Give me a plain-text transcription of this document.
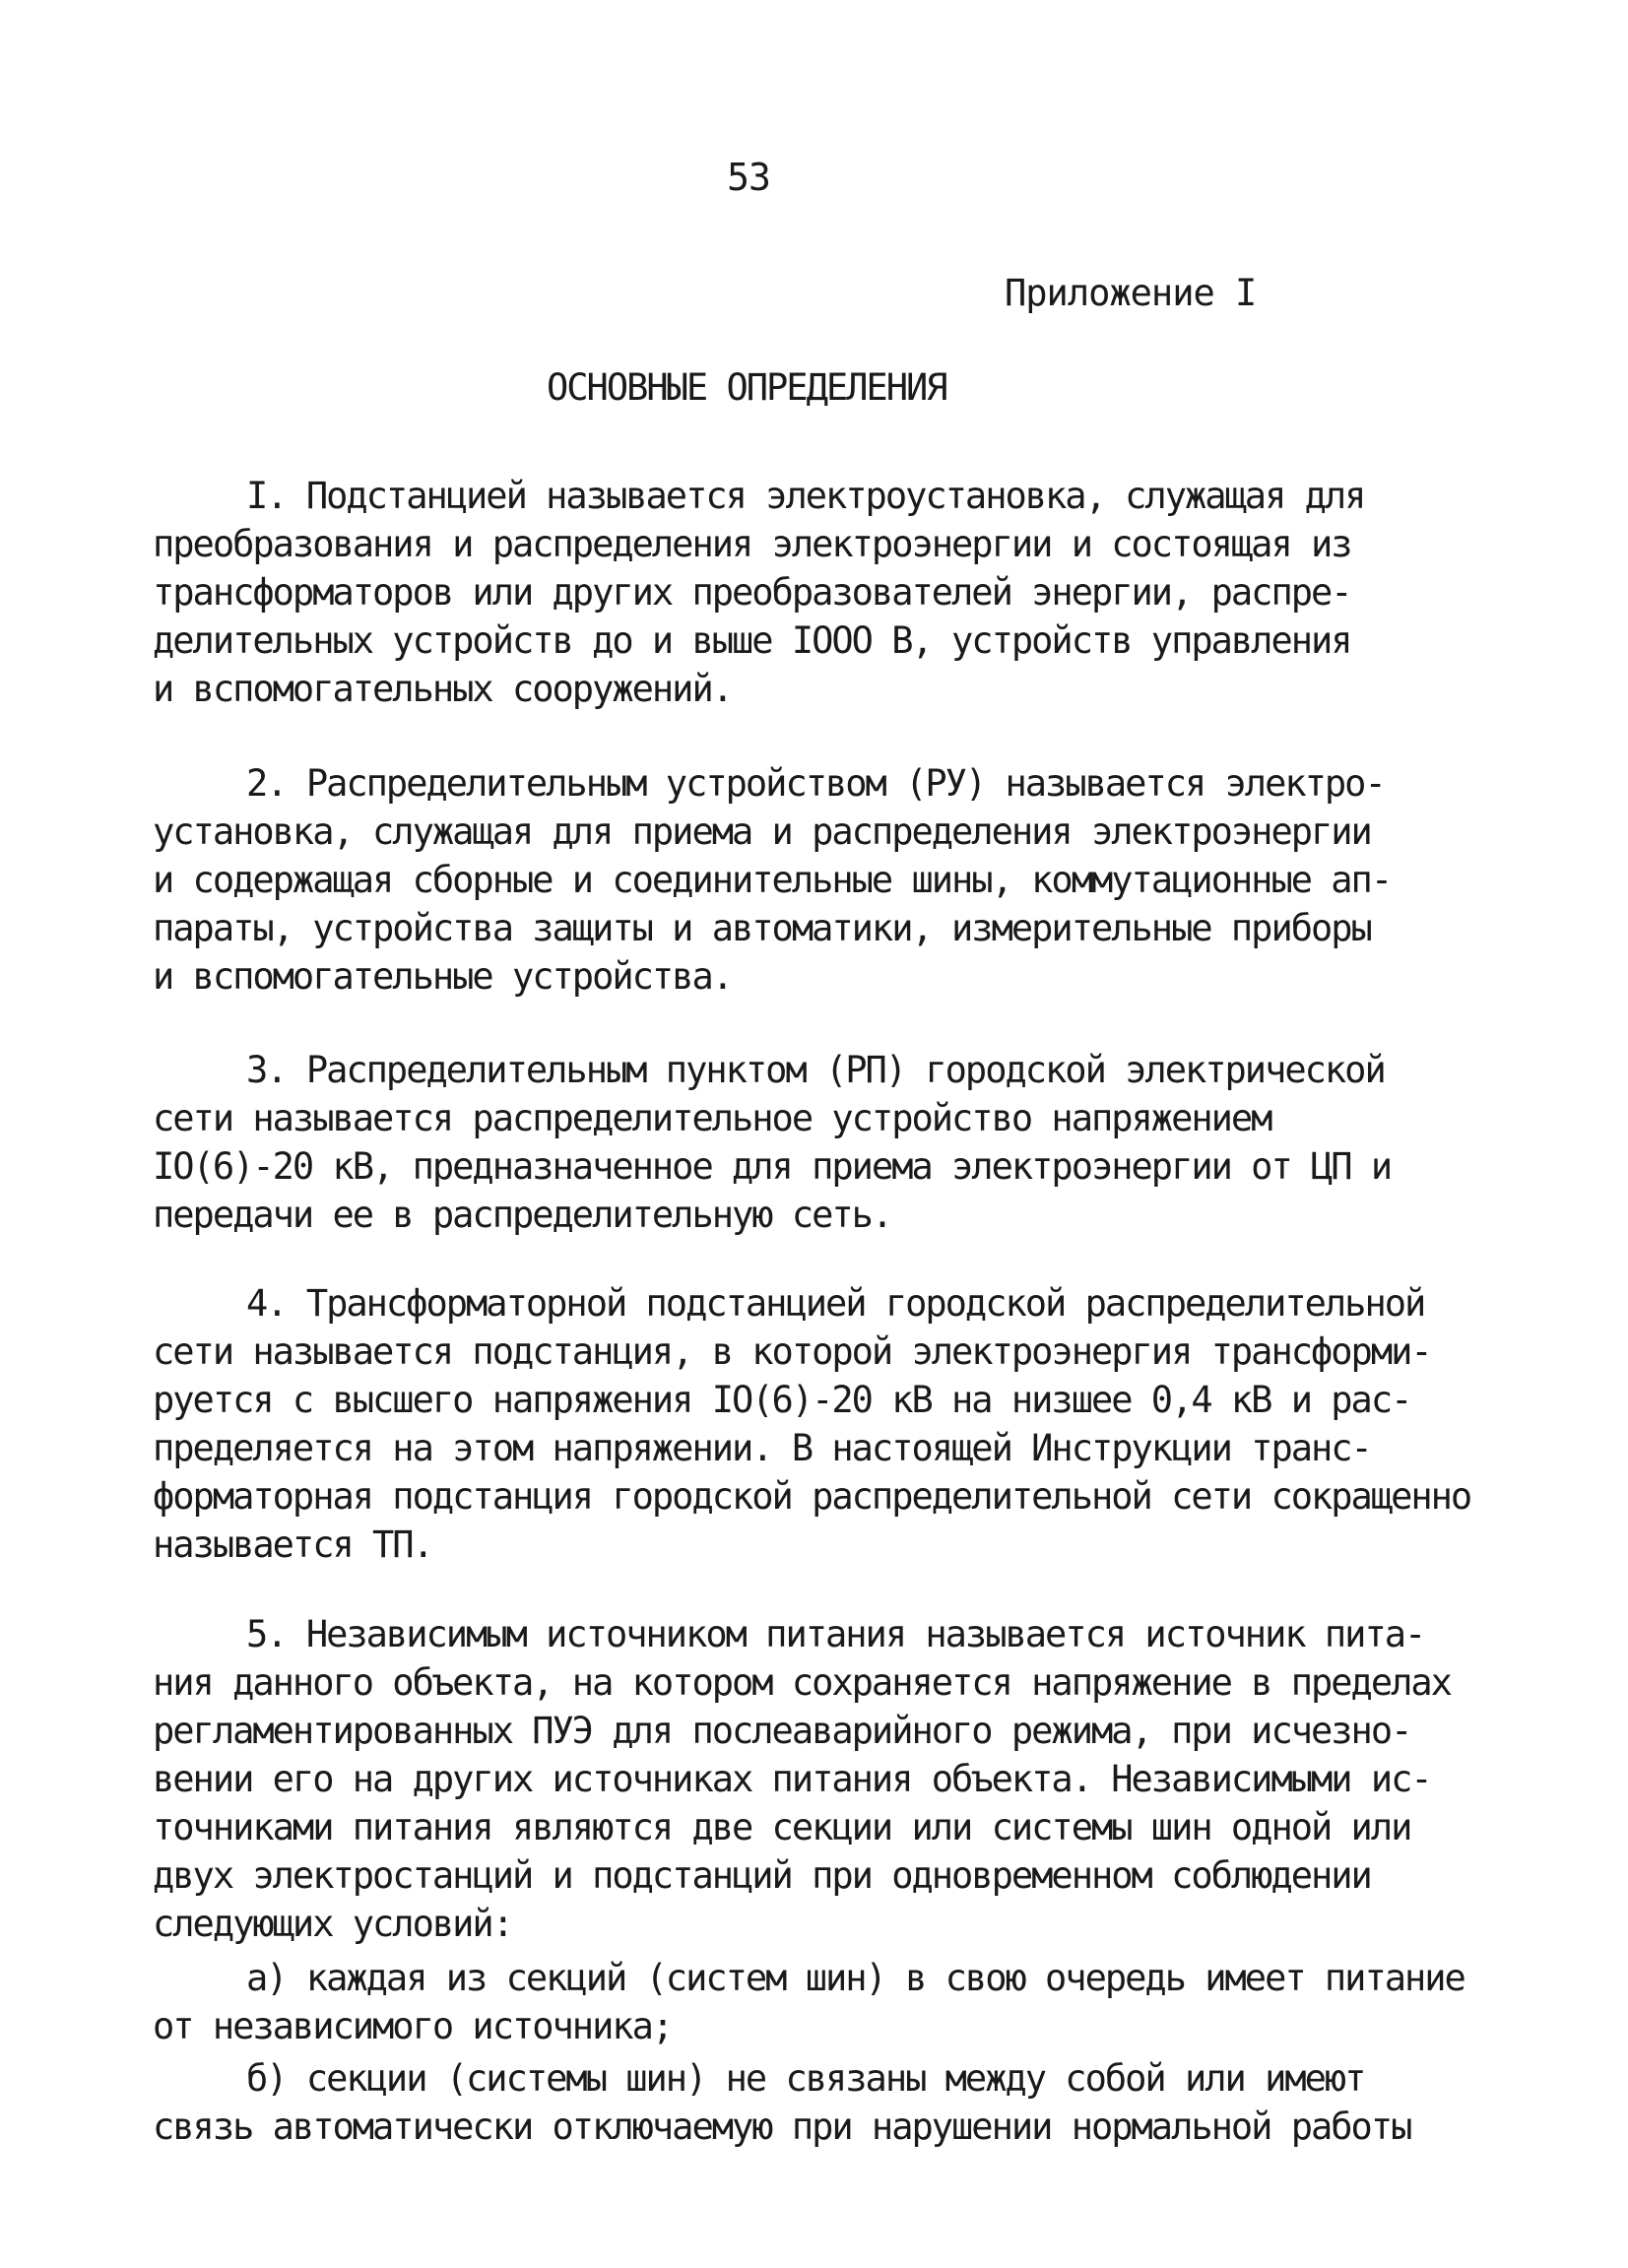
53
Приложение I
ОСНОВНЫЕ ОПРЕДЕЛЕНИЯ
I. Подстанцией называется электроустановка, служащая для
преобразования и распределения электроэнергии и состоящая из
трансформаторов или других преобразователей энергии, распре-
делительных устройств до и выше IOOO В, устройств управления
и вспомогательных сооружений.
2. Распределительным устройством (РУ) называется электро-
установка, служащая для приема и распределения электроэнергии
и содержащая сборные и соединительные шины, коммутационные ап-
параты, устройства защиты и автоматики, измерительные приборы
и вспомогательные устройства.
3. Распределительным пунктом (РП) городской электрической
сети называется распределительное устройство напряжением
IO(6)-20 кВ, предназначенное для приема электроэнергии от ЦП и
передачи ее в распределительную сеть.
4. Трансформаторной подстанцией городской распределительной
сети называется подстанция, в которой электроэнергия трансформи-
руется с высшего напряжения IO(6)-20 кВ на низшее 0,4 кВ и рас-
пределяется на этом напряжении. В настоящей Инструкции транс-
форматорная подстанция городской распределительной сети сокращенно
называется ТП.
5. Независимым источником питания называется источник пита-
ния данного объекта, на котором сохраняется напряжение в пределах
регламентированных ПУЭ для послеаварийного режима, при исчезно-
вении его на других источниках питания объекта. Независимыми ис-
точниками питания являются две секции или системы шин одной или
двух электростанций и подстанций при одновременном соблюдении
следующих условий:
а) каждая из секций (систем шин) в свою очередь имеет питание
от независимого источника;
б) секции (системы шин) не связаны между собой или имеют
связь автоматически отключаемую при нарушении нормальной работы
